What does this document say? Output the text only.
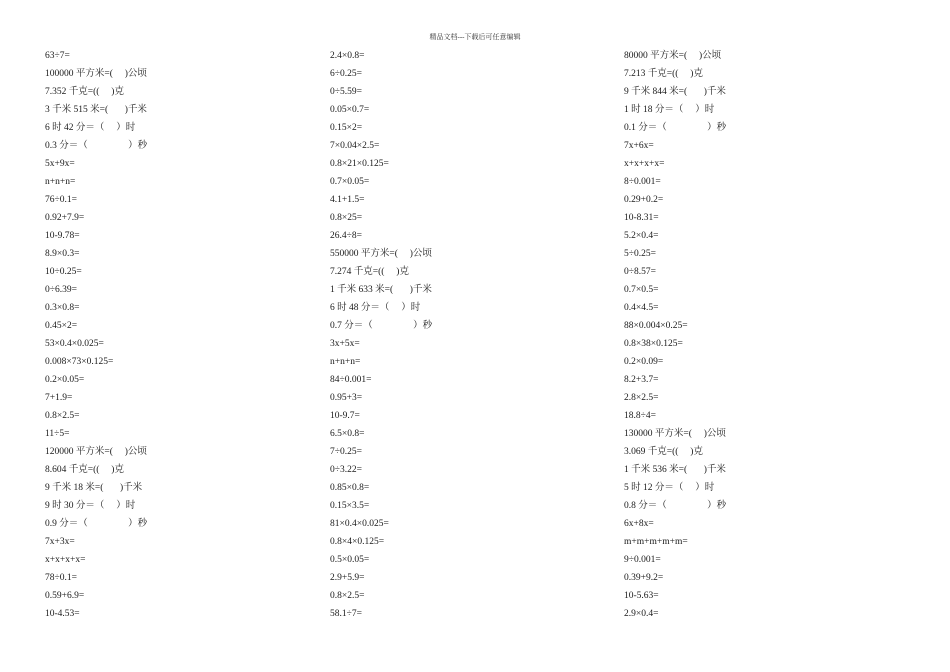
精品文档---下载后可任意编辑
63÷7=
100000 平方米=(     )公顷
7.352 千克=((     )克
3 千米 515 米=(       )千米
6 时 42 分＝（     ）时
0.3 分＝（                 ）秒
5x+9x=
n+n+n=
76÷0.1=
0.92+7.9=
10-9.78=
8.9×0.3=
10÷0.25=
0÷6.39=
0.3×0.8=
0.45×2=
53×0.4×0.025=
0.008×73×0.125=
0.2×0.05=
7+1.9=
0.8×2.5=
11÷5=
120000 平方米=(     )公顷
8.604 千克=((     )克
9 千米 18 米=(       )千米
9 时 30 分＝（     ）时
0.9 分＝（                 ）秒
7x+3x=
x+x+x+x=
78÷0.1=
0.59+6.9=
10-4.53=
2.4×0.8=
6÷0.25=
0÷5.59=
0.05×0.7=
0.15×2=
7×0.04×2.5=
0.8×21×0.125=
0.7×0.05=
4.1+1.5=
0.8×25=
26.4÷8=
550000 平方米=(     )公顷
7.274 千克=((     )克
1 千米 633 米=(       )千米
6 时 48 分＝（     ）时
0.7 分＝（                 ）秒
3x+5x=
n+n+n=
84÷0.001=
0.95+3=
10-9.7=
6.5×0.8=
7÷0.25=
0÷3.22=
0.85×0.8=
0.15×3.5=
81×0.4×0.025=
0.8×4×0.125=
0.5×0.05=
2.9+5.9=
0.8×2.5=
58.1÷7=
80000 平方米=(     )公顷
7.213 千克=((     )克
9 千米 844 米=(       )千米
1 时 18 分＝（     ）时
0.1 分＝（                 ）秒
7x+6x=
x+x+x+x=
8÷0.001=
0.29+0.2=
10-8.31=
5.2×0.4=
5÷0.25=
0÷8.57=
0.7×0.5=
0.4×4.5=
88×0.004×0.25=
0.8×38×0.125=
0.2×0.09=
8.2+3.7=
2.8×2.5=
18.8÷4=
130000 平方米=(     )公顷
3.069 千克=((     )克
1 千米 536 米=(       )千米
5 时 12 分＝（     ）时
0.8 分＝（                 ）秒
6x+8x=
m+m+m+m+m=
9÷0.001=
0.39+9.2=
10-5.63=
2.9×0.4=
